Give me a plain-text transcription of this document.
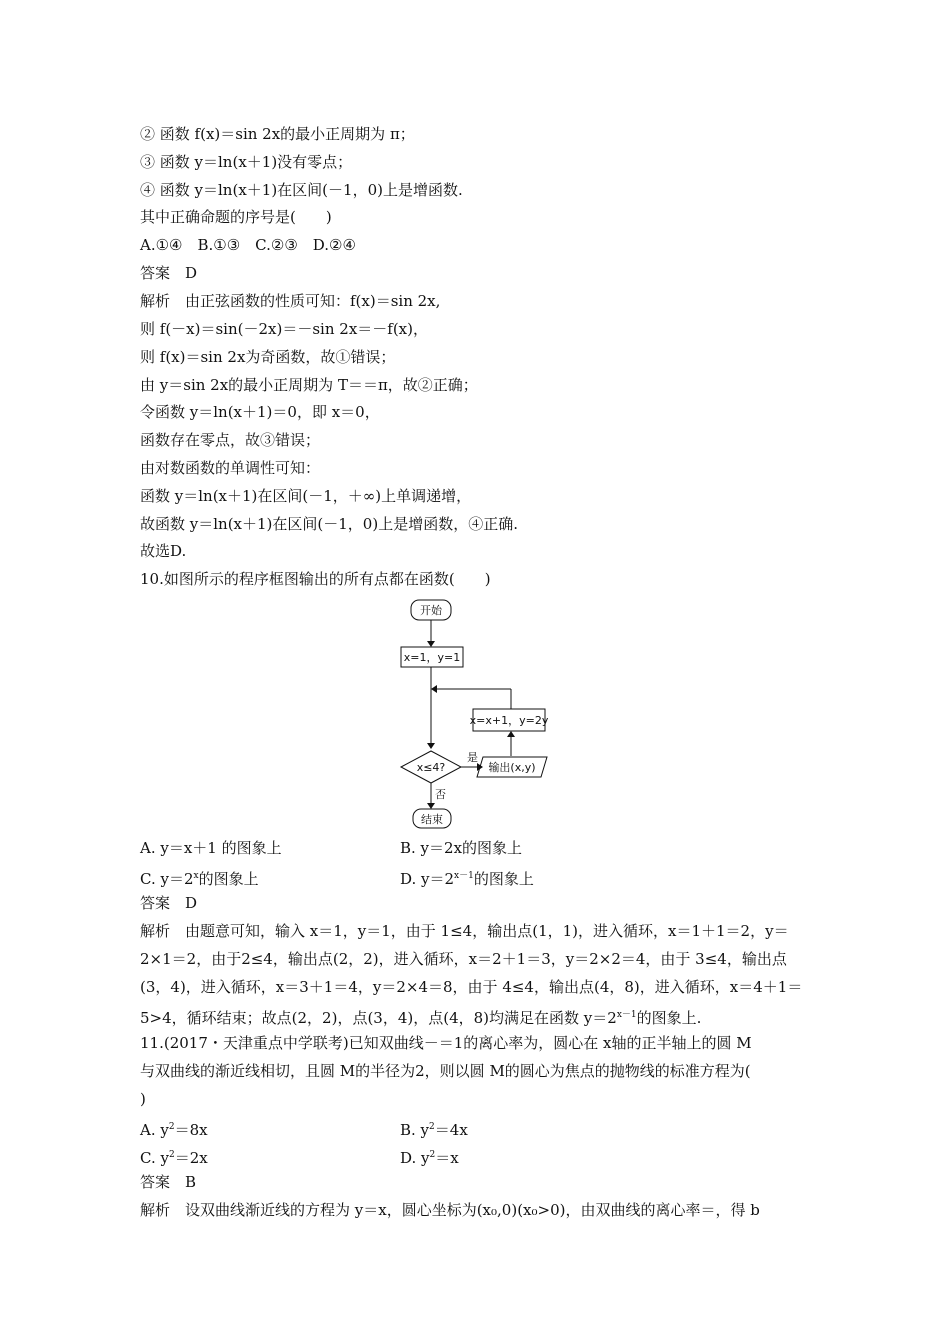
② 函数 f(x)＝sin 2x的最小正周期为 π；
③ 函数 y＝ln(x＋1)没有零点；
④ 函数 y＝ln(x＋1)在区间(－1，0)上是增函数.
其中正确命题的序号是(　　)
A.①④　B.①③　C.②③　D.②④
答案　D
解析　由正弦函数的性质可知：f(x)＝sin 2x,
则 f(－x)＝sin(－2x)＝－sin 2x＝－f(x)，
则 f(x)＝sin 2x为奇函数，故①错误；
由 y＝sin 2x的最小正周期为 T＝＝π，故②正确；
令函数 y＝ln(x＋1)＝0，即 x＝0，
函数存在零点，故③错误；
由对数函数的单调性可知：
函数 y＝ln(x＋1)在区间(－1，＋∞)上单调递增，
故函数 y＝ln(x＋1)在区间(－1，0)上是增函数，④正确.
故选D.
10.如图所示的程序框图输出的所有点都在函数(　　)
开始
x=1，y=1
x=x+1，y=2y
x≤4?
是
输出(x,y)
否
结束
A. y＝x＋1 的图象上	B. y＝2x的图象上
C. $y=2^x$的图象上	D. $y=2^{x-1}$的图象上
答案　D
解析　由题意可知，输入 x＝1，y＝1，由于 1≤4，输出点(1，1)，进入循环，x＝1＋1＝2，y＝
2×1＝2，由于2≤4，输出点(2，2)，进入循环，x＝2＋1＝3，y＝2×2＝4，由于 3≤4，输出点
(3，4)，进入循环，x＝3＋1＝4，y＝2×4＝8，由于 4≤4，输出点(4，8)，进入循环，x＝4＋1＝
5>4，循环结束；故点(2，2)，点(3，4)，点(4，8)均满足在函数 $y=2^{x-1}$的图象上.
11.(2017・天津重点中学联考)已知双曲线－＝1的离心率为，圆心在 x轴的正半轴上的圆 M
与双曲线的渐近线相切，且圆 M的半径为2，则以圆 M的圆心为焦点的抛物线的标准方程为(
)
A. $y^2=8x$	B. $y^2=4x$
C. $y^2=2x$	D. $y^2=x$
答案　B
解析　设双曲线渐近线的方程为 y＝x，圆心坐标为(x₀,0)(x₀>0)，由双曲线的离心率＝，得 b
